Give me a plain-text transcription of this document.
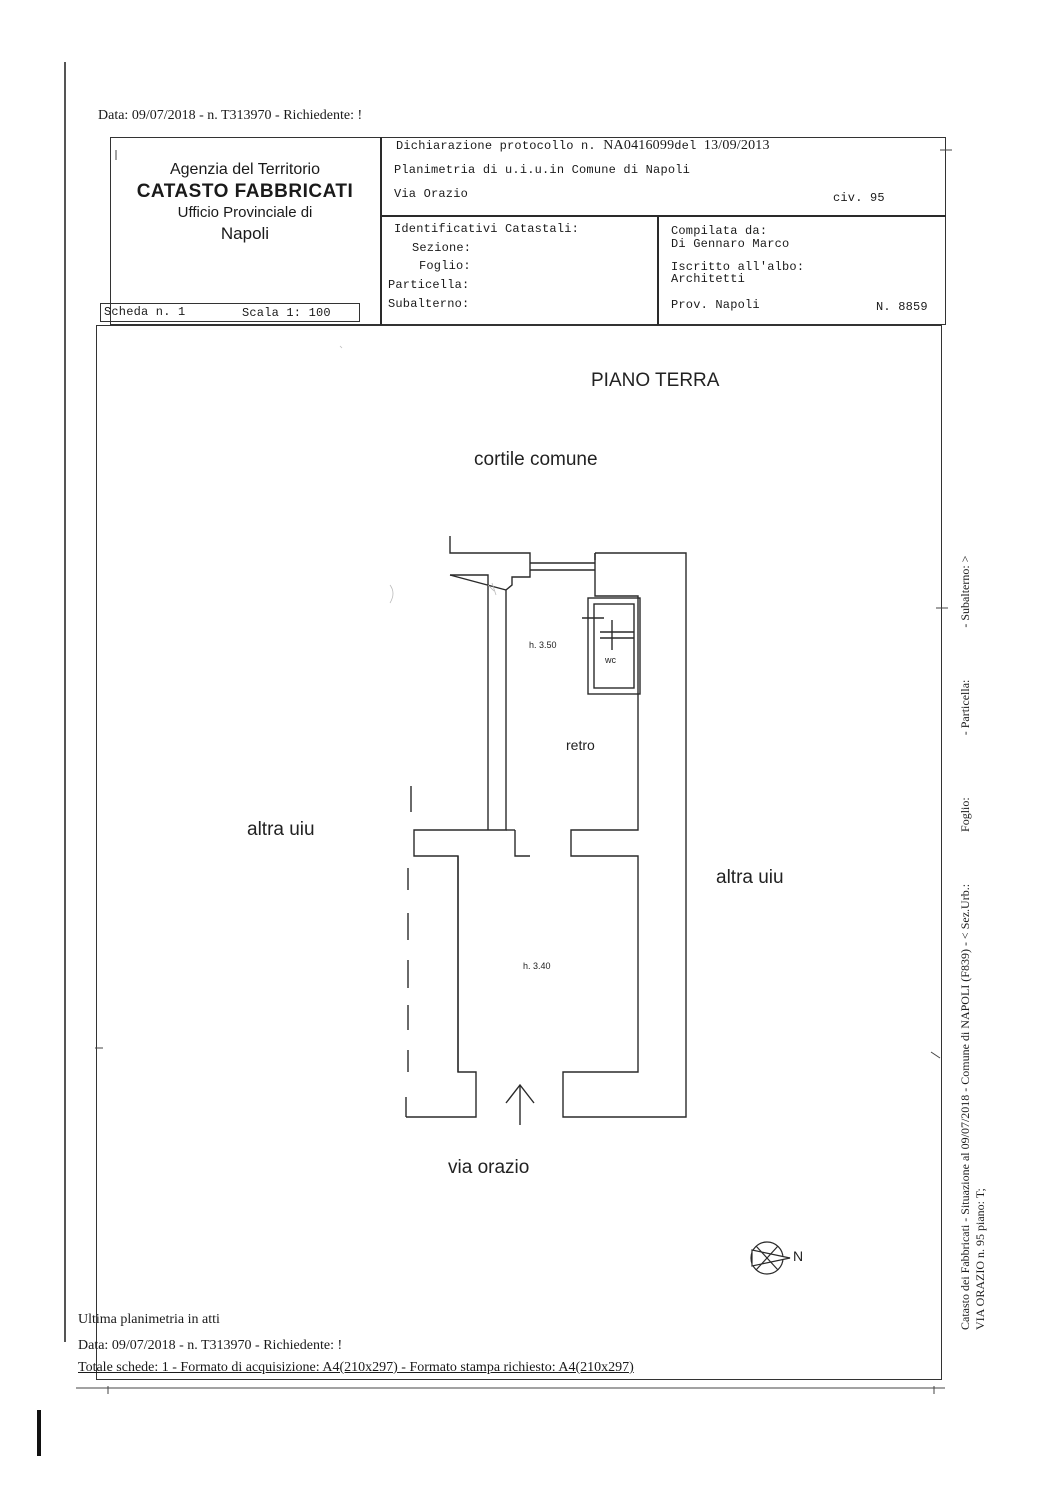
Data: 09/07/2018 - n. T313970 - Richiedente: !
Agenzia del Territorio
CATASTO FABBRICATI
Ufficio Provinciale di
Napoli
Dichiarazione protocollo n. NA0416099del 13/09/2013
Planimetria di u.i.u.in Comune di Napoli
Via Orazio	civ. 95
Identificativi Catastali:
Sezione:
Foglio:
Particella:
Subalterno:
Compilata da:
Di Gennaro Marco
Iscritto all'albo:
Architetti
Prov. Napoli	N. 8859
Scheda n. 1	Scala 1: 100
PIANO TERRA
cortile comune
altra uiu
altra uiu
via orazio
retro
wc
h. 3.50
h. 3.40
N	Catasto dei Fabbricati - Situazione al 09/07/2018 - Comune di NAPOLI (F839) - < Sez.Urb.:
Foglio:
- Particella:
- Subalterno: >
VIA ORAZIO n. 95 piano: T;
Ultima planimetria in atti
Data: 09/07/2018 - n. T313970 - Richiedente: !
Totale schede: 1 - Formato di acquisizione: A4(210x297) - Formato stampa richiesto: A4(210x297)
